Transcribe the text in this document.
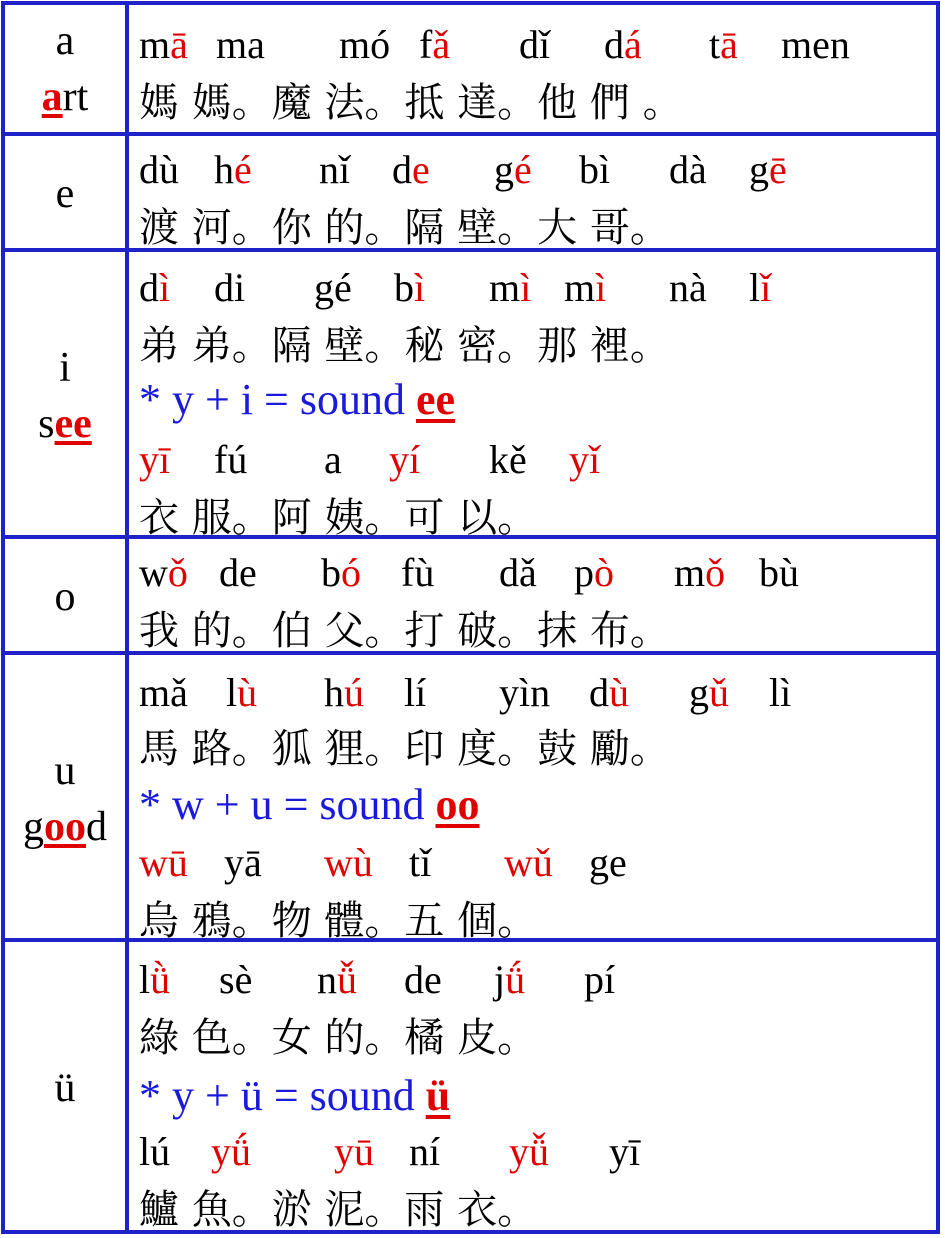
a
art
mā ma mó fǎ dǐ dá tā men
媽 媽。魔 法。抵 達。他 們 。
e
dù hé nǐ de gé bì dà gē
渡 河。你 的。隔 壁。大 哥。
i
see
dì di gé bì mì mì nà lǐ
弟 弟。隔 壁。秘 密。那 裡。
* y + i = sound ee
yī fú a yí kě yǐ
衣 服。阿 姨。可 以。
o
wǒ de bó fù dǎ pò mǒ bù
我 的。伯 父。打 破。抹 布。
u
good
mǎ lù hú lí yìn dù gǔ lì
馬 路。狐 狸。印 度。鼓 勵。
* w + u = sound oo
wū yā wù tǐ wǔ ge
烏 鴉。物 體。五 個。
ü
lǜ sè nǚ de jǘ pí
綠 色。女 的。橘 皮。
* y + ü = sound ü
lú yǘ yū ní yǚ yī
鱸 魚。淤 泥。雨 衣。
